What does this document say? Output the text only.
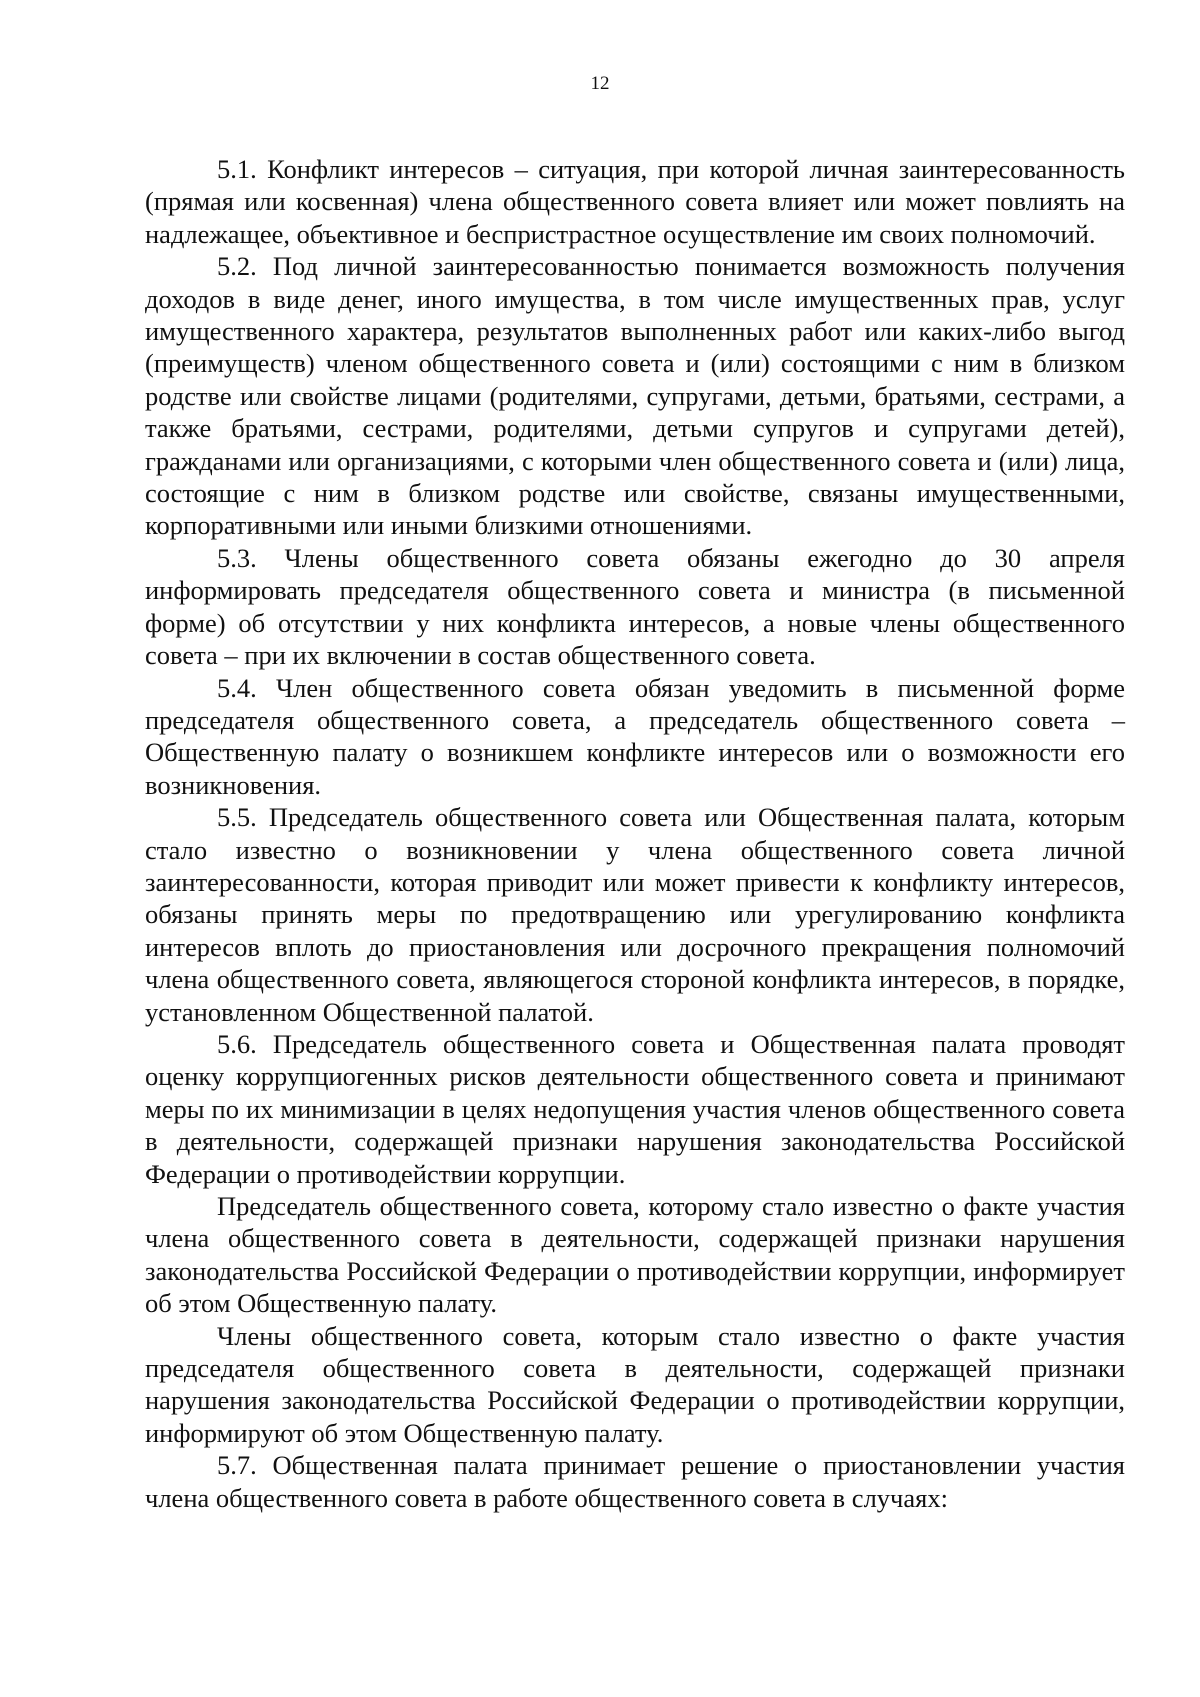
12

5.1. Конфликт интересов – ситуация, при которой личная заинтересованность (прямая или косвенная) члена общественного совета влияет или может повлиять на надлежащее, объективное и беспристрастное осуществление им своих полномочий.

5.2. Под личной заинтересованностью понимается возможность получения доходов в виде денег, иного имущества, в том числе имущественных прав, услуг имущественного характера, результатов выполненных работ или каких-либо выгод (преимуществ) членом общественного совета и (или) состоящими с ним в близком родстве или свойстве лицами (родителями, супругами, детьми, братьями, сестрами, а также братьями, сестрами, родителями, детьми супругов и супругами детей), гражданами или организациями, с которыми член общественного совета и (или) лица, состоящие с ним в близком родстве или свойстве, связаны имущественными, корпоративными или иными близкими отношениями.

5.3. Члены общественного совета обязаны ежегодно до 30 апреля информировать председателя общественного совета и министра (в письменной форме) об отсутствии у них конфликта интересов, а новые члены общественного совета – при их включении в состав общественного совета.

5.4. Член общественного совета обязан уведомить в письменной форме председателя общественного совета, а председатель общественного совета – Общественную палату о возникшем конфликте интересов или о возможности его возникновения.

5.5. Председатель общественного совета или Общественная палата, которым стало известно о возникновении у члена общественного совета личной заинтересованности, которая приводит или может привести к конфликту интересов, обязаны принять меры по предотвращению или урегулированию конфликта интересов вплоть до приостановления или досрочного прекращения полномочий члена общественного совета, являющегося стороной конфликта интересов, в порядке, установленном Общественной палатой.

5.6. Председатель общественного совета и Общественная палата проводят оценку коррупциогенных рисков деятельности общественного совета и принимают меры по их минимизации в целях недопущения участия членов общественного совета в деятельности, содержащей признаки нарушения законодательства Российской Федерации о противодействии коррупции.

Председатель общественного совета, которому стало известно о факте участия члена общественного совета в деятельности, содержащей признаки нарушения законодательства Российской Федерации о противодействии коррупции, информирует об этом Общественную палату.

Члены общественного совета, которым стало известно о факте участия председателя общественного совета в деятельности, содержащей признаки нарушения законодательства Российской Федерации о противодействии коррупции, информируют об этом Общественную палату.

5.7. Общественная палата принимает решение о приостановлении участия члена общественного совета в работе общественного совета в случаях:
